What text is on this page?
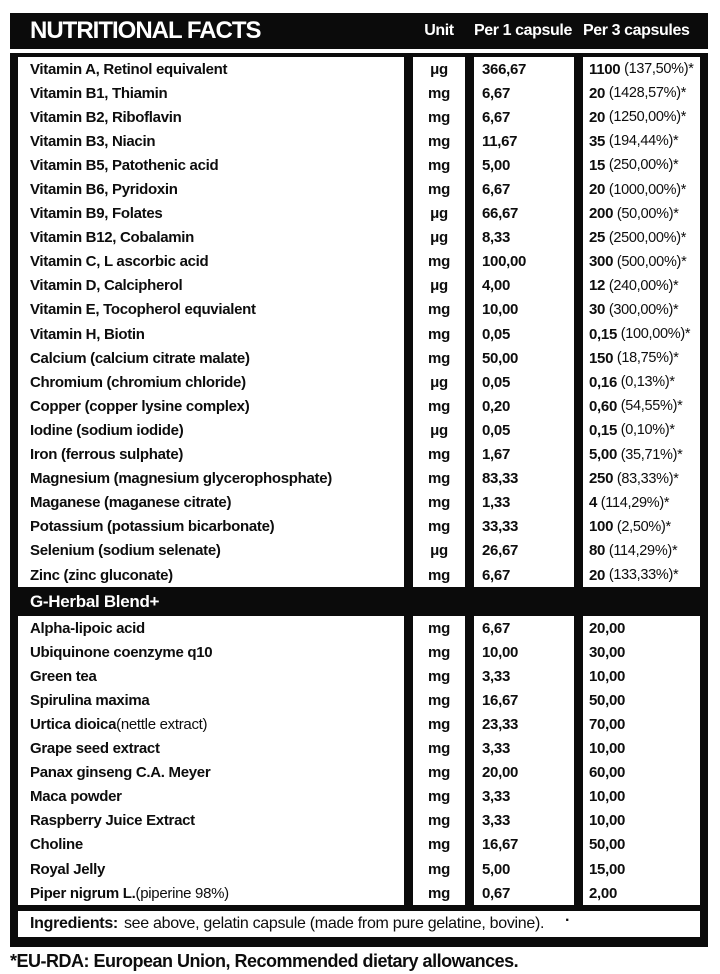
NUTRITIONAL FACTS	Unit	Per 1 capsule Per 3 capsules
Vitamin A, Retinol equivalent	μg	366,67	1100 (137,50%)*
Vitamin B1, Thiamin	mg	6,67	20 (1428,57%)*
Vitamin B2, Riboflavin	mg	6,67	20 (1250,00%)*
Vitamin B3, Niacin	mg	11,67	35 (194,44%)*
Vitamin B5, Patothenic acid	mg	5,00	15 (250,00%)*
Vitamin B6, Pyridoxin	mg	6,67	20 (1000,00%)*
Vitamin B9, Folates	μg	66,67	200 (50,00%)*
Vitamin B12, Cobalamin	μg	8,33	25 (2500,00%)*
Vitamin C, L ascorbic acid	mg	100,00	300 (500,00%)*
Vitamin D, Calcipherol	μg	4,00	12 (240,00%)*
Vitamin E, Tocopherol equvialent	mg	10,00	30 (300,00%)*
Vitamin H, Biotin	mg	0,05	0,15 (100,00%)*
Calcium (calcium citrate malate)	mg	50,00	150 (18,75%)*
Chromium (chromium chloride)	μg	0,05	0,16 (0,13%)*
Copper (copper lysine complex)	mg	0,20	0,60 (54,55%)*
Iodine (sodium iodide)	μg	0,05	0,15 (0,10%)*
Iron (ferrous sulphate)	mg	1,67	5,00 (35,71%)*
Magnesium (magnesium glycerophosphate)	mg	83,33	250 (83,33%)*
Maganese (maganese citrate)	mg	1,33	4 (114,29%)*
Potassium (potassium bicarbonate)	mg	33,33	100 (2,50%)*
Selenium (sodium selenate)	μg	26,67	80 (114,29%)*
Zinc (zinc gluconate)	mg	6,67	20 (133,33%)*
G-Herbal Blend+
Alpha-lipoic acid	mg	6,67	20,00
Ubiquinone coenzyme q10	mg	10,00	30,00
Green tea	mg	3,33	10,00
Spirulina maxima	mg	16,67	50,00
Urtica dioica (nettle extract)	mg	23,33	70,00
Grape seed extract	mg	3,33	10,00
Panax ginseng C.A. Meyer	mg	20,00	60,00
Maca powder	mg	3,33	10,00
Raspberry Juice Extract	mg	3,33	10,00
Choline	mg	16,67	50,00
Royal Jelly	mg	5,00	15,00
Piper nigrum L. (piperine 98%)	mg	0,67	2,00
Ingredients: see above, gelatin capsule (made from pure gelatine, bovine). ·
*EU-RDA: European Union, Recommended dietary allowances.
